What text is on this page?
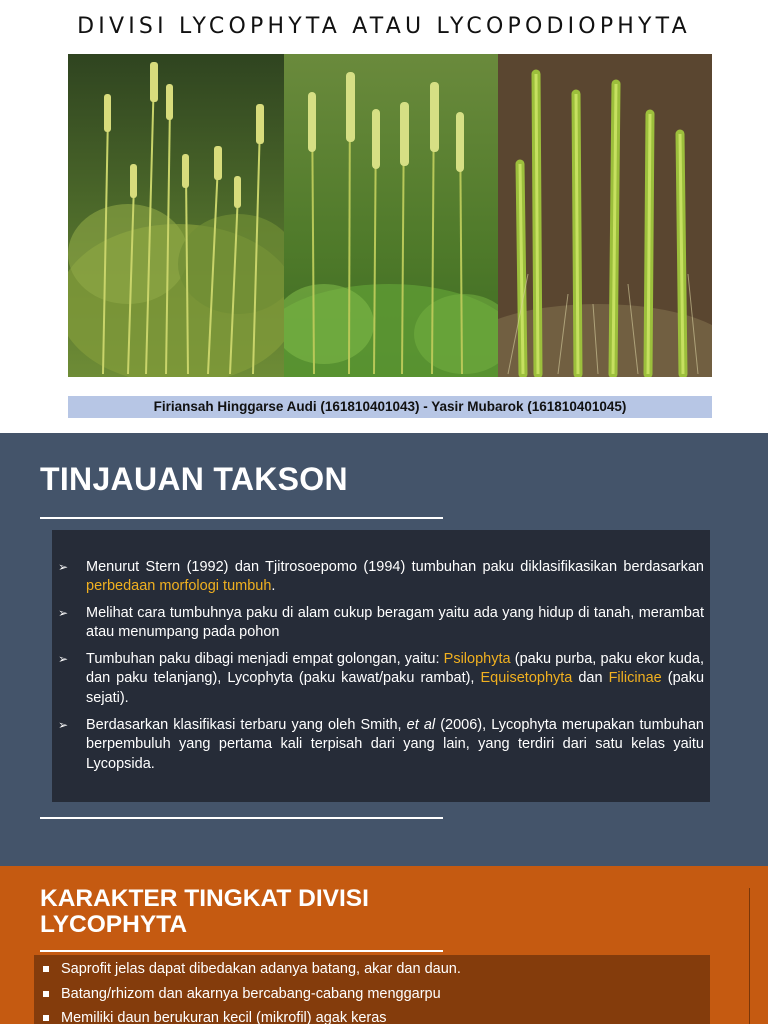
DIVISI LYCOPHYTA ATAU LYCOPODIOPHYTA
Firiansah Hinggarse Audi (161810401043) - Yasir Mubarok (161810401045)
TINJAUAN TAKSON
➢ Menurut Stern (1992) dan Tjitrosoepomo (1994) tumbuhan paku diklasifikasikan berdasarkan perbedaan morfologi tumbuh.
➢ Melihat cara tumbuhnya paku di alam cukup beragam yaitu ada yang hidup di tanah, merambat atau menumpang pada pohon
➢ Tumbuhan paku dibagi menjadi empat golongan, yaitu: Psilophyta (paku purba, paku ekor kuda, dan paku telanjang), Lycophyta (paku kawat/paku rambat), Equisetophyta dan Filicinae (paku sejati).
➢ Berdasarkan klasifikasi terbaru yang oleh Smith, et al (2006), Lycophyta merupakan tumbuhan berpembuluh yang pertama kali terpisah dari yang lain, yang terdiri dari satu kelas yaitu Lycopsida.
KARAKTER TINGKAT DIVISI LYCOPHYTA
Saprofit jelas dapat dibedakan adanya batang, akar dan daun.
Batang/rhizom dan akarnya bercabang-cabang menggarpu
Memiliki daun berukuran kecil (mikrofil) agak keras
